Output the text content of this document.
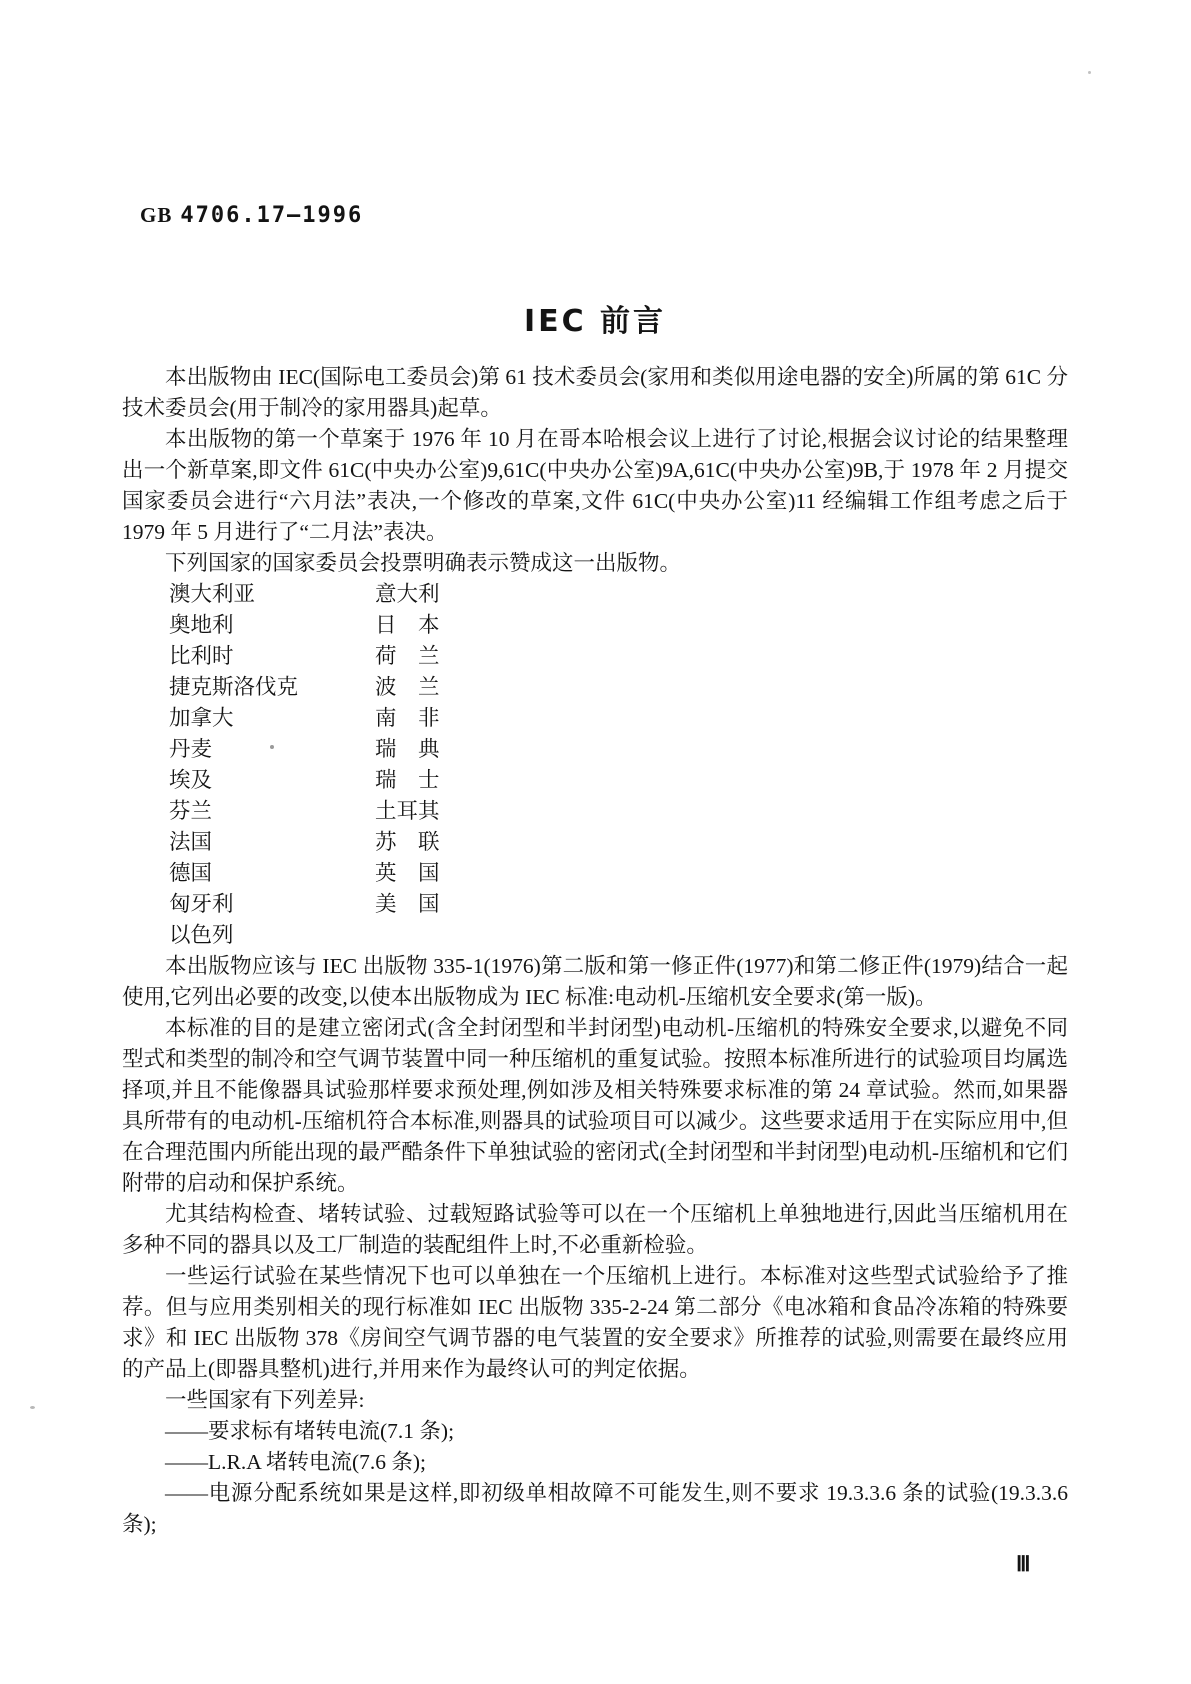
GB 4706.17—1996
IEC 前言

本出版物由 IEC(国际电工委员会)第 61 技术委员会(家用和类似用途电器的安全)所属的第 61C 分技术委员会(用于制冷的家用器具)起草。

本出版物的第一个草案于 1976 年 10 月在哥本哈根会议上进行了讨论,根据会议讨论的结果整理出一个新草案,即文件 61C(中央办公室)9,61C(中央办公室)9A,61C(中央办公室)9B,于 1978 年 2 月提交国家委员会进行“六月法”表决,一个修改的草案,文件 61C(中央办公室)11 经编辑工作组考虑之后于 1979 年 5 月进行了“二月法”表决。

下列国家的国家委员会投票明确表示赞成这一出版物。

澳大利亚	意大利
奥地利	日　本
比利时	荷　兰
捷克斯洛伐克	波　兰
加拿大	南　非
丹麦	瑞　典
埃及	瑞　士
芬兰	土耳其
法国	苏　联
德国	英　国
匈牙利	美　国
以色列

本出版物应该与 IEC 出版物 335-1(1976)第二版和第一修正件(1977)和第二修正件(1979)结合一起使用,它列出必要的改变,以使本出版物成为 IEC 标准:电动机-压缩机安全要求(第一版)。

本标准的目的是建立密闭式(含全封闭型和半封闭型)电动机-压缩机的特殊安全要求,以避免不同型式和类型的制冷和空气调节装置中同一种压缩机的重复试验。按照本标准所进行的试验项目均属选择项,并且不能像器具试验那样要求预处理,例如涉及相关特殊要求标准的第 24 章试验。然而,如果器具所带有的电动机-压缩机符合本标准,则器具的试验项目可以减少。这些要求适用于在实际应用中,但在合理范围内所能出现的最严酷条件下单独试验的密闭式(全封闭型和半封闭型)电动机-压缩机和它们附带的启动和保护系统。

尤其结构检查、堵转试验、过载短路试验等可以在一个压缩机上单独地进行,因此当压缩机用在多种不同的器具以及工厂制造的装配组件上时,不必重新检验。

一些运行试验在某些情况下也可以单独在一个压缩机上进行。本标准对这些型式试验给予了推荐。但与应用类别相关的现行标准如 IEC 出版物 335-2-24 第二部分《电冰箱和食品冷冻箱的特殊要求》和 IEC 出版物 378《房间空气调节器的电气装置的安全要求》所推荐的试验,则需要在最终应用的产品上(即器具整机)进行,并用来作为最终认可的判定依据。

一些国家有下列差异:

——要求标有堵转电流(7.1 条);

——L.R.A 堵转电流(7.6 条);

——电源分配系统如果是这样,即初级单相故障不可能发生,则不要求 19.3.3.6 条的试验(19.3.3.6 条);

Ⅲ
